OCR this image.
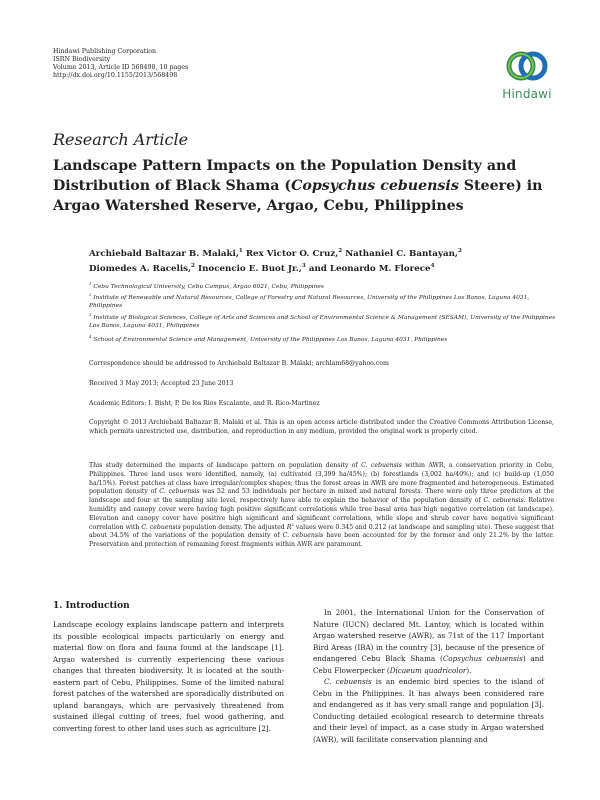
Hindawi Publishing Corporation
ISRN Biodiversity
Volume 2013, Article ID 568498, 10 pages
http://dx.doi.org/10.1155/2013/568498
Hindawi
Research Article
Landscape Pattern Impacts on the Population Density and Distribution of Black Shama (Copsychus cebuensis Steere) in Argao Watershed Reserve, Argao, Cebu, Philippines
Archiebald Baltazar B. Malaki,$^1$ Rex Victor O. Cruz,$^2$ Nathaniel C. Bantayan,$^2$
Diomedes A. Racelis,$^2$ Inocencio E. Buot Jr.,$^3$ and Leonardo M. Florece$^4$
$^1$ Cebu Technological University, Cebu Campus, Argao 6021, Cebu, Philippines
$^2$ Institute of Renewable and Natural Resources, College of Forestry and Natural Resources, University of the Philippines Los Banos, Laguna 4031, Philippines
$^3$ Institute of Biological Sciences, College of Arts and Sciences and School of Environmental Science & Management (SESAM), University of the Philippines Los Banos, Laguna 4031, Philippines
$^4$ School of Environmental Science and Management, University of the Philippines Los Banos, Laguna 4031, Philippines
Correspondence should be addressed to Archiebald Baltazar B. Malaki; archlam68@yahoo.com
Received 3 May 2013; Accepted 23 June 2013
Academic Editors: I. Bisht, P. De los Rios Escalante, and R. Rico-Martinez
Copyright © 2013 Archiebald Baltazar B. Malaki et al. This is an open access article distributed under the Creative Commons Attribution License, which permits unrestricted use, distribution, and reproduction in any medium, provided the original work is properly cited.
This study determined the impacts of landscape pattern on population density of C. cebuensis within AWR, a conservation priority in Cebu, Philippines. Three land uses were identified, namely, (a) cultivated (3,399 ha/45%); (b) forestlands (3,002 ha/40%); and (c) build-up (1,050 ha/15%). Forest patches at class have irregular/complex shapes; thus the forest areas in AWR are more fragmented and heterogeneous. Estimated population density of C. cebuensis was 52 and 53 individuals per hectare in mixed and natural forests. There were only three predictors at the landscape and four at the sampling site level, respectively have able to explain the behavior of the population density of C. cebuensis. Relative humidity and canopy cover were having high positive significant correlations while tree basal area has high negative correlation (at landscape). Elevation and canopy cover have positive high significant and significant correlations, while slope and shrub cover have negative significant correlation with C. cebuensis population density. The adjusted $R^2$ values were 0.345 and 0.212 (at landscape and sampling site). These suggest that about 34.5% of the variations of the population density of C. cebuensis have been accounted for by the former and only 21.2% by the latter. Preservation and protection of remaining forest fragments within AWR are paramount.
1. Introduction

Landscape ecology explains landscape pattern and interprets its possible ecological impacts particularly on energy and material flow on flora and fauna found at the landscape [1]. Argao watershed is currently experiencing these various changes that threaten biodiversity. It is located at the south-eastern part of Cebu, Philippines. Some of the limited natural forest patches of the watershed are sporadically distributed on upland barangays, which are pervasively threatened from sustained illegal cutting of trees, fuel wood gathering, and converting forest to other land uses such as agriculture [2].

In 2001, the International Union for the Conservation of Nature (IUCN) declared Mt. Lantoy, which is located within Argao watershed reserve (AWR), as 71st of the 117 Important Bird Areas (IBA) in the country [3], because of the presence of endangered Cebu Black Shama (Copsychus cebuensis) and Cebu Flowerpecker (Dicaeum quadricolor).

C. cebuensis is an endemic bird species to the island of Cebu in the Philippines. It has always been considered rare and endangered as it has very small range and population [3]. Conducting detailed ecological research to determine threats and their level of impact, as a case study in Argao watershed (AWR), will facilitate conservation planning and
